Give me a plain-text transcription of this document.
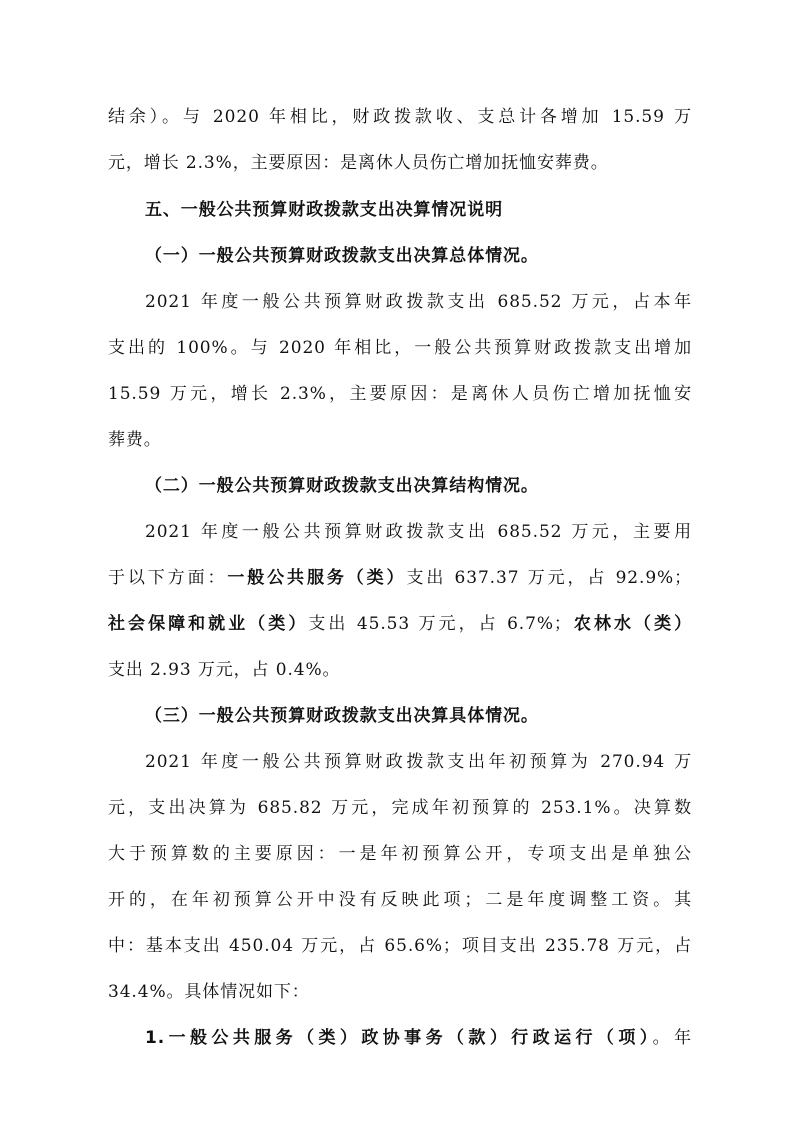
结余）。与 2020 年相比，财政拨款收、支总计各增加 15.59 万
元，增长 2.3%，主要原因：是离休人员伤亡增加抚恤安葬费。
五、一般公共预算财政拨款支出决算情况说明
（一）一般公共预算财政拨款支出决算总体情况。
2021 年度一般公共预算财政拨款支出 685.52 万元，占本年
支出的 100%。与 2020 年相比，一般公共预算财政拨款支出增加
15.59 万元，增长 2.3%，主要原因：是离休人员伤亡增加抚恤安
葬费。
（二）一般公共预算财政拨款支出决算结构情况。
2021 年度一般公共预算财政拨款支出 685.52 万元，主要用
于以下方面：一般公共服务（类）支出 637.37 万元，占 92.9%；
社会保障和就业（类）支出 45.53 万元，占 6.7%；农林水（类）
支出 2.93 万元，占 0.4%。
（三）一般公共预算财政拨款支出决算具体情况。
2021 年度一般公共预算财政拨款支出年初预算为 270.94 万
元，支出决算为 685.82 万元，完成年初预算的 253.1%。决算数
大于预算数的主要原因：一是年初预算公开，专项支出是单独公
开的，在年初预算公开中没有反映此项；二是年度调整工资。其
中：基本支出 450.04 万元，占 65.6%；项目支出 235.78 万元，占
34.4%。具体情况如下：
1.一般公共服务（类）政协事务（款）行政运行（项）。年
